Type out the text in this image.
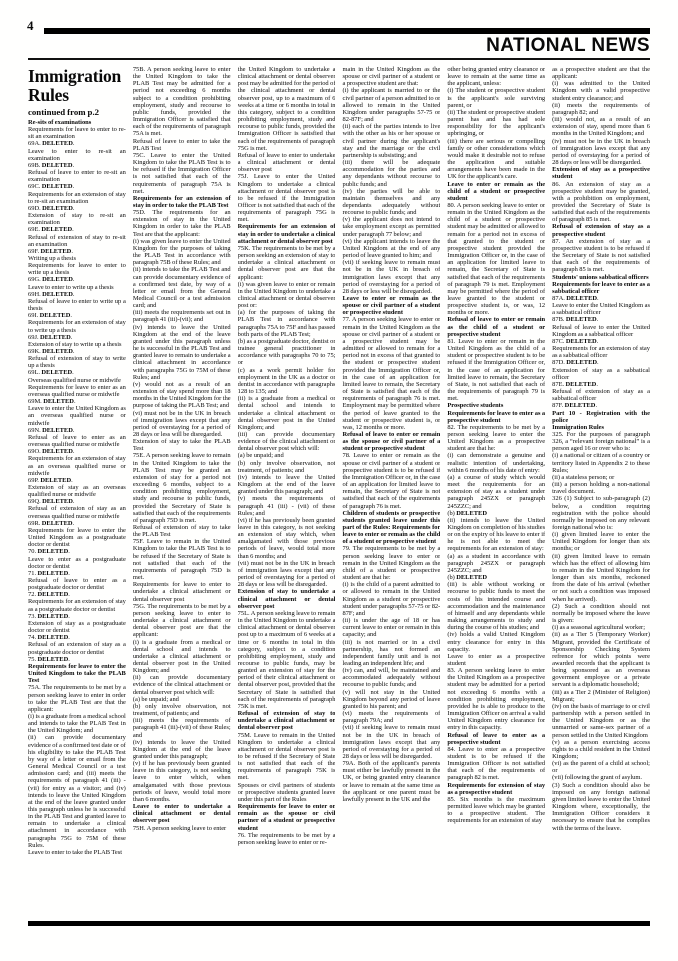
4
NATIONAL NEWS
Immigration Rules
continued from p.2

Re-sits of examinations

Requirements for leave to enter to re-sit an examination

69A. DELETED.

Leave to enter to re-sit an examination

69B. DELETED.

Refusal of leave to enter to re-sit an examination

69C. DELETED.

Requirements for an extension of stay to re-sit an examination

69D. DELETED.

Extension of stay to re-sit an examination

69E. DELETED.

Refusal of extension of stay to re-sit an examination

69F. DELETED.

Writing up a thesis

Requirements for leave to enter to write up a thesis

69G. DELETED.

Leave to enter to write up a thesis

69H. DELETED.

Refusal of leave to enter to write up a thesis

69I. DELETED.

Requirements for an extension of stay to write up a thesis

69J. DELETED.

Extension of stay to write up a thesis

69K. DELETED.

Refusal of extension of stay to write up a thesis

69L. DELETED.

Overseas qualified nurse or midwife

Requirements for leave to enter as an overseas qualified nurse or midwife

69M. DELETED.

Leave to enter the United Kingdom as an overseas qualified nurse or midwife

69N. DELETED.

Refusal of leave to enter as an overseas qualified nurse or midwife

69O. DELETED.

Requirements for an extension of stay as an overseas qualified nurse or midwife

69P. DELETED.

Extension of stay as an overseas qualified nurse or midwife

69Q. DELETED.

Refusal of extension of stay as an overseas qualified nurse or midwife

69R. DELETED.

Requirements for leave to enter the United Kingdom as a postgraduate doctor or dentist

70. DELETED.

Leave to enter as a postgraduate doctor or dentist

71. DELETED.

Refusal of leave to enter as a postgraduate doctor or dentist

72. DELETED.

Requirements for an extension of stay as a postgraduate doctor or dentist

73. DELETED.

Extension of stay as a postgraduate doctor or dentist

74. DELETED.

Refusal of an extension of stay as a postgraduate doctor or dentist

75. DELETED.

Requirements for leave to enter the United Kingdom to take the PLAB Test

75A. The requirements to be met by a person seeking leave to enter in order to take the PLAB Test are that the applicant:

(i) is a graduate from a medical school and intends to take the PLAB Test in the United Kingdom; and

(ii) can provide documentary evidence of a confirmed test date or of his eligibility to take the PLAB Test by way of a letter or email from the General Medical Council or a test admission card; and (iii) meets the requirements of paragraph 41 (iii) - (vii) for entry as a visitor; and (iv) intends to leave the United Kingdom at the end of the leave granted under this paragraph unless he is successful in the PLAB Test and granted leave to remain to undertake a clinical attachment in accordance with paragraphs 75G to 75M of these Rules.

Leave to enter to take the PLAB Test

75B. A person seeking leave to enter the United Kingdom to take the PLAB Test may be admitted for a period not exceeding 6 months subject to a condition prohibiting employment, study and recourse to public funds, provided the Immigration Officer is satisfied that each of the requirements of paragraph 75A is met.

Refusal of leave to enter to take the PLAB Test

75C. Leave to enter the United Kingdom to take the PLAB Test is to be refused if the Immigration Officer is not satisfied that each of the requirements of paragraph 75A is met.

Requirements for an extension of stay in order to take the PLAB Test

75D. The requirements for an extension of stay in the United Kingdom in order to take the PLAB Test are that the applicant:

(i) was given leave to enter the United Kingdom for the purposes of taking the PLAB Test in accordance with paragraph 75B of these Rules; and

(ii) intends to take the PLAB Test and can provide documentary evidence of a confirmed test date, by way of a letter or email from the General Medical Council or a test admission card; and

(iii) meets the requirements set out in paragraph 41 (iii)-(vii); and

(iv) intends to leave the United Kingdom at the end of the leave granted under this paragraph unless he is successful in the PLAB Test and granted leave to remain to undertake a clinical attachment in accordance with paragraphs 75G to 75M of these Rules; and

(v) would not as a result of an extension of stay spend more than 18 months in the United Kingdom for the purpose of taking the PLAB Test; and

(vi) must not be in the UK in breach of immigration laws except that any period of overstaying for a period of 28 days or less will be disregarded.

Extension of stay to take the PLAB Test

75E. A person seeking leave to remain in the United Kingdom to take the PLAB Test may be granted an extension of stay for a period not exceeding 6 months, subject to a condition prohibiting employment, study and recourse to public funds, provided the Secretary of State is satisfied that each of the requirements of paragraph 75D is met.

Refusal of extension of stay to take the PLAB Test

75F. Leave to remain in the United Kingdom to take the PLAB Test is to be refused if the Secretary of State is not satisfied that each of the requirements of paragraph 75D is met.

Requirements for leave to enter to undertake a clinical attachment or dental observer post

75G. The requirements to be met by a person seeking leave to enter to undertake a clinical attachment or dental observer post are that the applicant:

(i) is a graduate from a medical or dental school and intends to undertake a clinical attachment or dental observer post in the United Kingdom; and

(ii) can provide documentary evidence of the clinical attachment or dental observer post which will:

(a) be unpaid; and

(b) only involve observation, not treatment, of patients; and

(iii) meets the requirements of paragraph 41 (iii)-(vii) of these Rules; and

(iv) intends to leave the United Kingdom at the end of the leave granted under this paragraph;

(v) if he has previously been granted leave in this category, is not seeking leave to enter which, when amalgamated with those previous periods of leave, would total more than 6 months.

Leave to enter to undertake a clinical attachment or dental observer post

75H. A person seeking leave to enter

the United Kingdom to undertake a clinical attachment or dental observer post may be admitted for the period of the clinical attachment or dental observer post, up to a maximum of 6 weeks at a time or 6 months in total in this category, subject to a condition prohibiting employment, study and recourse to public funds, provided the Immigration Officer is satisfied that each of the requirements of paragraph 75G is met.

Refusal of leave to enter to undertake a clinical attachment or dental observer post

75J. Leave to enter the United Kingdom to undertake a clinical attachment or dental observer post is to be refused if the Immigration Officer is not satisfied that each of the requirements of paragraph 75G is met.

Requirements for an extension of stay in order to undertake a clinical attachment or dental observer post

75K. The requirements to be met by a person seeking an extension of stay to undertake a clinical attachment or dental observer post are that the applicant:

(i) was given leave to enter or remain in the United Kingdom to undertake a clinical attachment or dental observer post or:

(a) for the purposes of taking the PLAB Test in accordance with paragraphs 75A to 75F and has passed both parts of the PLAB Test;

(b) as a postgraduate doctor, dentist or trainee general practitioner in accordance with paragraphs 70 to 75; or

(c) as a work permit holder for employment in the UK as a doctor or dentist in accordance with paragraphs 128 to 135; and

(ii) is a graduate from a medical or dental school and intends to undertake a clinical attachment or dental observer post in the United Kingdom; and

(iii) can provide documentary evidence of the clinical attachment or dental observer post which will:

(a) be unpaid; and

(b) only involve observation, not treatment, of patients; and

(iv) intends to leave the United Kingdom at the end of the leave granted under this paragraph; and

(v) meets the requirements of paragraph 41 (iii) - (vii) of these Rules; and

(vi) if he has previously been granted leave in this category, is not seeking an extension of stay which, when amalgamated with those previous periods of leave, would total more than 6 months; and

(vii) must not be in the UK in breach of immigration laws except that any period of overstaying for a period of 28 days or less will be disregarded.

Extension of stay to undertake a clinical attachment or dental observer post

75L. A person seeking leave to remain in the United Kingdom to undertake a clinical attachment or dental observer post up to a maximum of 6 weeks at a time or 6 months in total in this category, subject to a condition prohibiting employment, study and recourse to public funds, may be granted an extension of stay for the period of their clinical attachment or dental observer post, provided that the Secretary of State is satisfied that each of the requirements of paragraph 75K is met.

Refusal of extension of stay to undertake a clinical attachment or dental observer post

75M. Leave to remain in the United Kingdom to undertake a clinical attachment or dental observer post is to be refused if the Secretary of State is not satisfied that each of the requirements of paragraph 75K is met.

Spouses or civil partners of students or prospective students granted leave under this part of the Rules

Requirements for leave to enter or remain as the spouse or civil partner of a student or prospective student

76. The requirements to be met by a person seeking leave to enter or re-

main in the United Kingdom as the spouse or civil partner of a student or a prospective student are that:

(i) the applicant is married to or the civil partner of a person admitted to or allowed to remain in the United Kingdom under paragraphs 57-75 or 82-87F; and

(ii) each of the parties intends to live with the other as his or her spouse or civil partner during the applicant's stay and the marriage or the civil partnership is subsisting; and

(iii) there will be adequate accommodation for the parties and any dependants without recourse to public funds; and

(iv) the parties will be able to maintain themselves and any dependants adequately without recourse to public funds; and

(v) the applicant does not intend to take employment except as permitted under paragraph 77 below; and

(vi) the applicant intends to leave the United Kingdom at the end of any period of leave granted to him; and

(vii) if seeking leave to remain must not be in the UK in breach of immigration laws except that any period of overstaying for a period of 28 days or less will be disregarded.

Leave to enter or remain as the spouse or civil partner of a student or prospective student

77. A person seeking leave to enter or remain in the United Kingdom as the spouse or civil partner of a student or a prospective student may be admitted or allowed to remain for a period not in excess of that granted to the student or prospective student provided the Immigration Officer or, in the case of an application for limited leave to remain, the Secretary of State is satisfied that each of the requirements of paragraph 76 is met. Employment may be permitted where the period of leave granted to the student or prospective student is, or was, 12 months or more.

Refusal of leave to enter or remain as the spouse or civil partner of a student or prospective student

78. Leave to enter or remain as the spouse or civil partner of a student or prospective student is to be refused if the Immigration Officer or, in the case of an application for limited leave to remain, the Secretary of State is not satisfied that each of the equirements of paragraph 76 is met.

Children of students or prospective students granted leave under this part of the Rules: Requirements for leave to enter or remain as the child of a student or prospective student

79. The requirements to be met by a person seeking leave to enter or remain in the United Kingdom as the child of a student or prospective student are that he:

(i) is the child of a parent admitted to or allowed to remain in the United Kingdom as a student or prospective student under paragraphs 57-75 or 82-87F; and

(ii) is under the age of 18 or has current leave to enter or remain in this capacity; and

(iii) is not married or in a civil partnership, has not formed an independent family unit and is not leading an independent life; and

(iv) can, and will, be maintained and accommodated adequately without recourse to public funds; and

(v) will not stay in the United Kingdom beyond any period of leave granted to his parent; and

(vi) meets the requirements of paragraph 79A; and

(vii) if seeking leave to remain must not be in the UK in breach of immigration laws except that any period of overstaying for a period of 28 days or less will be disregarded.

79A. Both of the applicant's parents must either be lawfully present in the UK, or being granted entry clearance or leave to remain at the same time as the applicant or one parent must be lawfully present in the UK and the

other being granted entry clearance or leave to remain at the same time as the applicant, unless:

(i) The student or prospective student is the applicant's sole surviving parent, or

(ii) The student or prospective student parent has and has had sole responsibility for the applicant's upbringing, or

(iii) there are serious or compelling family or other considerations which would make it desirable not to refuse the application and suitable arrangements have been made in the UK for the applicant's care.

Leave to enter or remain as the child of a student or prospective student

80. A person seeking leave to enter or remain in the United Kingdom as the child of a student or prospective student may be admitted or allowed to remain for a period not in excess of that granted to the student or prospective student provided the Immigration Officer or, in the case of an application for limited leave to remain, the Secretary of State is satisfied that each of the requirements of paragraph 79 is met. Employment may be permitted where the period of leave granted to the student or prospective student is, or was, 12 months or more.

Refusal of leave to enter or remain as the child of a student or prospective student

81. Leave to enter or remain in the United Kingdom as the child of a student or prospective student is to be refused if the Immigration Officer or, in the case of an application for limited leave to remain, the Secretary of State, is not satisfied that each of the requirements of paragraph 79 is met.

Prospective students

Requirements for leave to enter as a prospective student

82. The requirements to be met by a person seeking leave to enter the United Kingdom as a prospective student are that he:

(i) can demonstrate a genuine and realistic intention of undertaking, within 6 months of his date of entry:

(a) a course of study which would meet the requirements for an extension of stay as a student under paragraph 245ZX or paragraph 245ZZC; and

(b) DELETED

(ii) intends to leave the United Kingdom on completion of his studies or on the expiry of his leave to enter if he is not able to meet the requirements for an extension of stay:

(a) as a student in accordance with paragraph 245ZX or paragraph 245ZZC; and

(b) DELETED

(iii) is able without working or recourse to public funds to meet the costs of his intended course and accommodation and the maintenance of himself and any dependants while making arrangements to study and during the course of his studies; and

(iv) holds a valid United Kingdom entry clearance for entry in this capacity.

Leave to enter as a prospective student

83. A person seeking leave to enter the United Kingdom as a prospective student may be admitted for a period not exceeding 6 months with a condition prohibiting employment, provided he is able to produce to the Immigration Officer on arrival a valid United Kingdom entry clearance for entry in this capacity.

Refusal of leave to enter as a prospective student

84. Leave to enter as a prospective student is to be refused if the Immigration Officer is not satisfied that each of the requirements of paragraph 82 is met.

Requirements for extension of stay as a prospective student

85. Six months is the maximum permitted leave which may be granted to a prospective student. The requirements for an extension of stay

as a prospective student are that the applicant:

(i) was admitted to the United Kingdom with a valid prospective student entry clearance; and

(ii) meets the requirements of paragraph 82; and

(iii) would not, as a result of an extension of stay, spend more than 6 months in the United Kingdom; and

(iv) must not be in the UK in breach of immigration laws except that any period of overstaying for a period of 28 days or less will be disregarded.

Extension of stay as a prospective student

86. An extension of stay as a prospective student may be granted, with a prohibition on employment, provided the Secretary of State is satisfied that each of the requirements of paragraph 85 is met.

Refusal of extension of stay as a prospective student

87. An extension of stay as a prospective student is to be refused if the Secretary of State is not satisfied that each of the requirements of paragraph 85 is met.

Students' unions sabbatical officers

Requirements for leave to enter as a sabbatical officer

87A. DELETED.

Leave to enter the United Kingdom as a sabbatical officer

87B. DELETED.

Refusal of leave to enter the United Kingdom as a sabbatical officer

87C. DELETED.

Requirements for an extension of stay as a sabbatical officer

87D. DELETED.

Extension of stay as a sabbatical officer

87E. DELETED.

Refusal of extension of stay as a sabbatical officer

87F. DELETED.

Part 10 - Registration with the police

Immigration Rules

325. For the purposes of paragraph 326, a “relevant foreign national” is a person aged 16 or over who is:

(i) a national or citizen of a country or territory listed in Appendix 2 to these Rules;

(ii) a stateless person; or

(iii) a person holding a non-national travel document.

326 (1) Subject to sub-paragraph (2) below, a condition requiring registration with the police should normally be imposed on any relevant foreign national who is:

(i) given limited leave to enter the United Kingdom for longer than six months; or

(ii) given limited leave to remain which has the effect of allowing him to remain in the United Kingdom for longer than six months, reckoned from the date of his arrival (whether or not such a condition was imposed when he arrived).

(2) Such a condition should not normally be imposed where the leave is given:

(i) as a seasonal agricultural worker;

(ii) as a Tier 5 (Temporary Worker) Migrant, provided the Certificate of Sponsorship Checking System refrence for which points were awarded records that the applicant is being sponsored as an overseas goverment employee or a private servant is a diplomatic household;

(iii) as a Tier 2 (Minister of Religion) Migrant;

(iv) on the basis of marriage to or civil partnership with a person settled in the United Kingdom or as the unmarried or same-sex partner of a person settled in the United Kingdom

(v) as a person exercising access rights to a child resident in the United Kingdom;

(vi) as the parent of a child at school; or

(vii) following the grant of asylum.

(3) Such a condition should also be imposed on any foreign national given limited leave to enter the United Kingdom where, exceptionally, the Immigration Officer considers it necessary to ensure that he complies with the terms of the leave.
